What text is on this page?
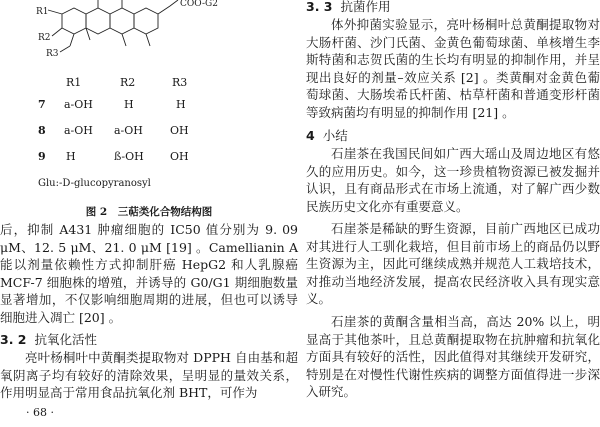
COO-G2
R1
R2
R3
R1	R2	R3
7 a-OH	H	H
8 a-OH a-OH OH
9 H	ß-OH OH
Glu:-D-glucopyranosyl
图 2　三萜类化合物结构图

后，抑制 A431 肿瘤细胞的 IC50 值分别为 9. 09 μM、12. 5 μM、21. 0 μM [19] 。Camellianin A 能以剂量依赖性方式抑制肝癌 HepG2 和人乳腺癌 MCF-7 细胞株的增殖，并诱导的 G0/G1 期细胞数量显著增加，不仅影响细胞周期的进展，但也可以诱导细胞进入凋亡 [20] 。

3. 2 抗氧化活性

亮叶杨桐叶中黄酮类提取物对 DPPH 自由基和超氧阴离子均有较好的清除效果，呈明显的量效关系，作用明显高于常用食品抗氧化剂 BHT，可作为

· 68 ·
3. 3 抗菌作用

体外抑菌实验显示，亮叶杨桐叶总黄酮提取物对大肠杆菌、沙门氏菌、金黄色葡萄球菌、单核增生李斯特菌和志贺氏菌的生长均有明显的抑制作用，并呈现出良好的剂量–效应关系 [2] 。类黄酮对金黄色葡萄球菌、大肠埃希氏杆菌、枯草杆菌和普通变形杆菌等致病菌均有明显的抑制作用 [21] 。

4 小结

石崖茶在我国民间如广西大瑶山及周边地区有悠久的应用历史。如今，这一珍贵植物资源已被发掘并认识，且有商品形式在市场上流通，对了解广西少数民族历史文化亦有重要意义。

石崖茶是稀缺的野生资源，目前广西地区已成功对其进行人工驯化栽培，但目前市场上的商品仍以野生资源为主，因此可继续成熟并规范人工栽培技术，对推动当地经济发展，提高农民经济收入具有现实意义。

石崖茶的黄酮含量相当高，高达 20% 以上，明显高于其他茶叶，且总黄酮提取物在抗肿瘤和抗氧化方面具有较好的活性，因此值得对其继续开发研究，特别是在对慢性代谢性疾病的调整方面值得进一步深入研究。
